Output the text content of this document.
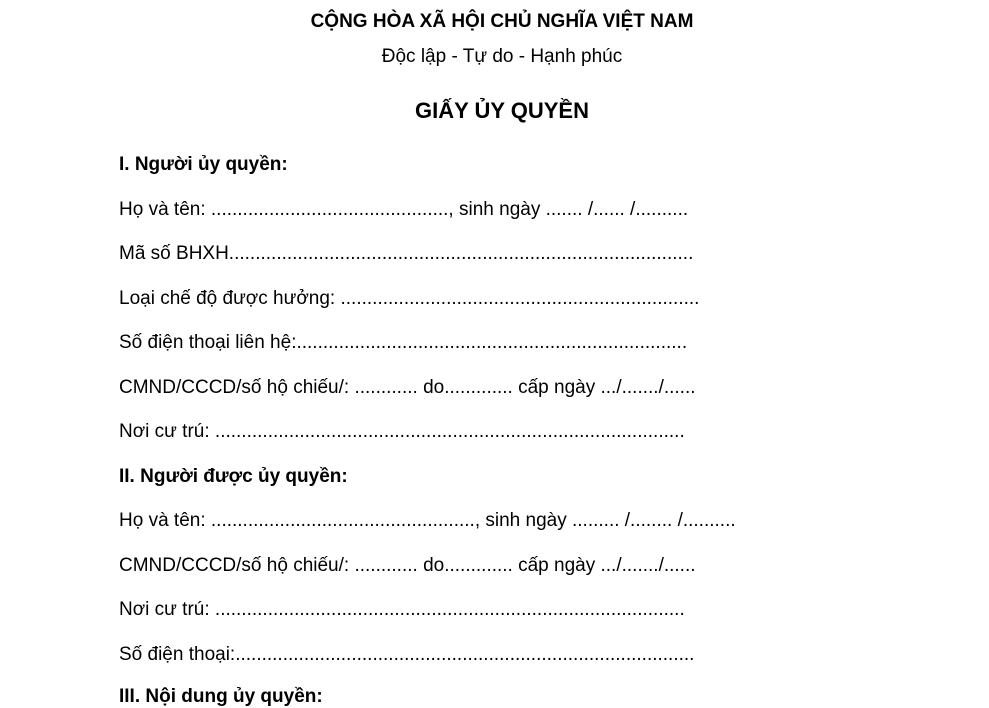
CỘNG HÒA XÃ HỘI CHỦ NGHĨA VIỆT NAM
Độc lập - Tự do - Hạnh phúc
GIẤY ỦY QUYỀN
I. Người ủy quyền:
Họ và tên: ............................................., sinh ngày ....... /...... /..........
Mã số BHXH........................................................................................
Loại chế độ được hưởng: ....................................................................
Số điện thoại liên hệ:..........................................................................
CMND/CCCD/số hộ chiếu/: ............ do............. cấp ngày .../......./......
Nơi cư trú: .........................................................................................
II. Người được ủy quyền:
Họ và tên: .................................................., sinh ngày ......... /........ /..........
CMND/CCCD/số hộ chiếu/: ............ do............. cấp ngày .../......./......
Nơi cư trú: .........................................................................................
Số điện thoại:.......................................................................................
III. Nội dung ủy quyền:
